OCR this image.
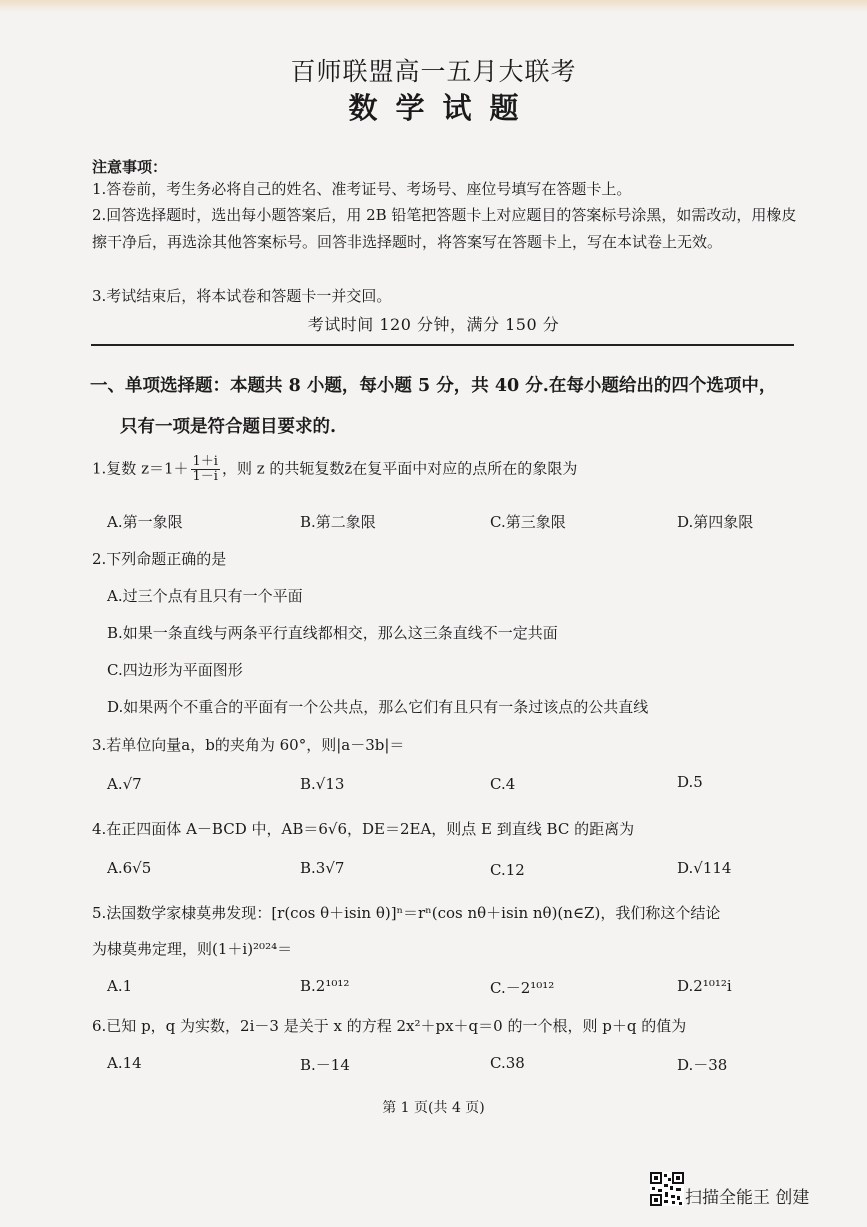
百师联盟高一五月大联考
数学试题
注意事项：
1.答卷前，考生务必将自己的姓名、准考证号、考场号、座位号填写在答题卡上。
2.回答选择题时，选出每小题答案后，用 2B 铅笔把答题卡上对应题目的答案标号涂黑，如需改动，用橡皮擦干净后，再选涂其他答案标号。回答非选择题时，将答案写在答题卡上，写在本试卷上无效。
3.考试结束后，将本试卷和答题卡一并交回。
考试时间 120 分钟，满分 150 分
一、单项选择题：本题共 8 小题，每小题 5 分，共 40 分.在每小题给出的四个选项中，
只有一项是符合题目要求的.
1.复数 $z=1+ \frac{1+i}{1-i}$ ，则 z 的共轭复数z̄在复平面中对应的点所在的象限为
A.第一象限	B.第二象限	C.第三象限	D.第四象限
2.下列命题正确的是
A.过三个点有且只有一个平面
B.如果一条直线与两条平行直线都相交，那么这三条直线不一定共面
C.四边形为平面图形
D.如果两个不重合的平面有一个公共点，那么它们有且只有一条过该点的公共直线
3.若单位向量a，b的夹角为 60°，则|a－3b|＝
A.√7	B.√13	C.4	D.5
4.在正四面体 A－BCD 中，AB＝6√6，DE＝2EA，则点 E 到直线 BC 的距离为
A.6√5	B.3√7	C.12	D.√114
5.法国数学家棣莫弗发现：[r(cos θ＋isin θ)]ⁿ＝rⁿ(cos nθ＋isin nθ)(n∈Z)，我们称这个结论
为棣莫弗定理，则(1＋i)²⁰²⁴＝
A.1	B.2¹⁰¹²	C.－2¹⁰¹²	D.2¹⁰¹²i
6.已知 p，q 为实数，2i－3 是关于 x 的方程 2x²＋px＋q＝0 的一个根，则 p＋q 的值为
A.14	B.－14	C.38	D.－38
第 1 页(共 4 页)
扫描全能王 创建
